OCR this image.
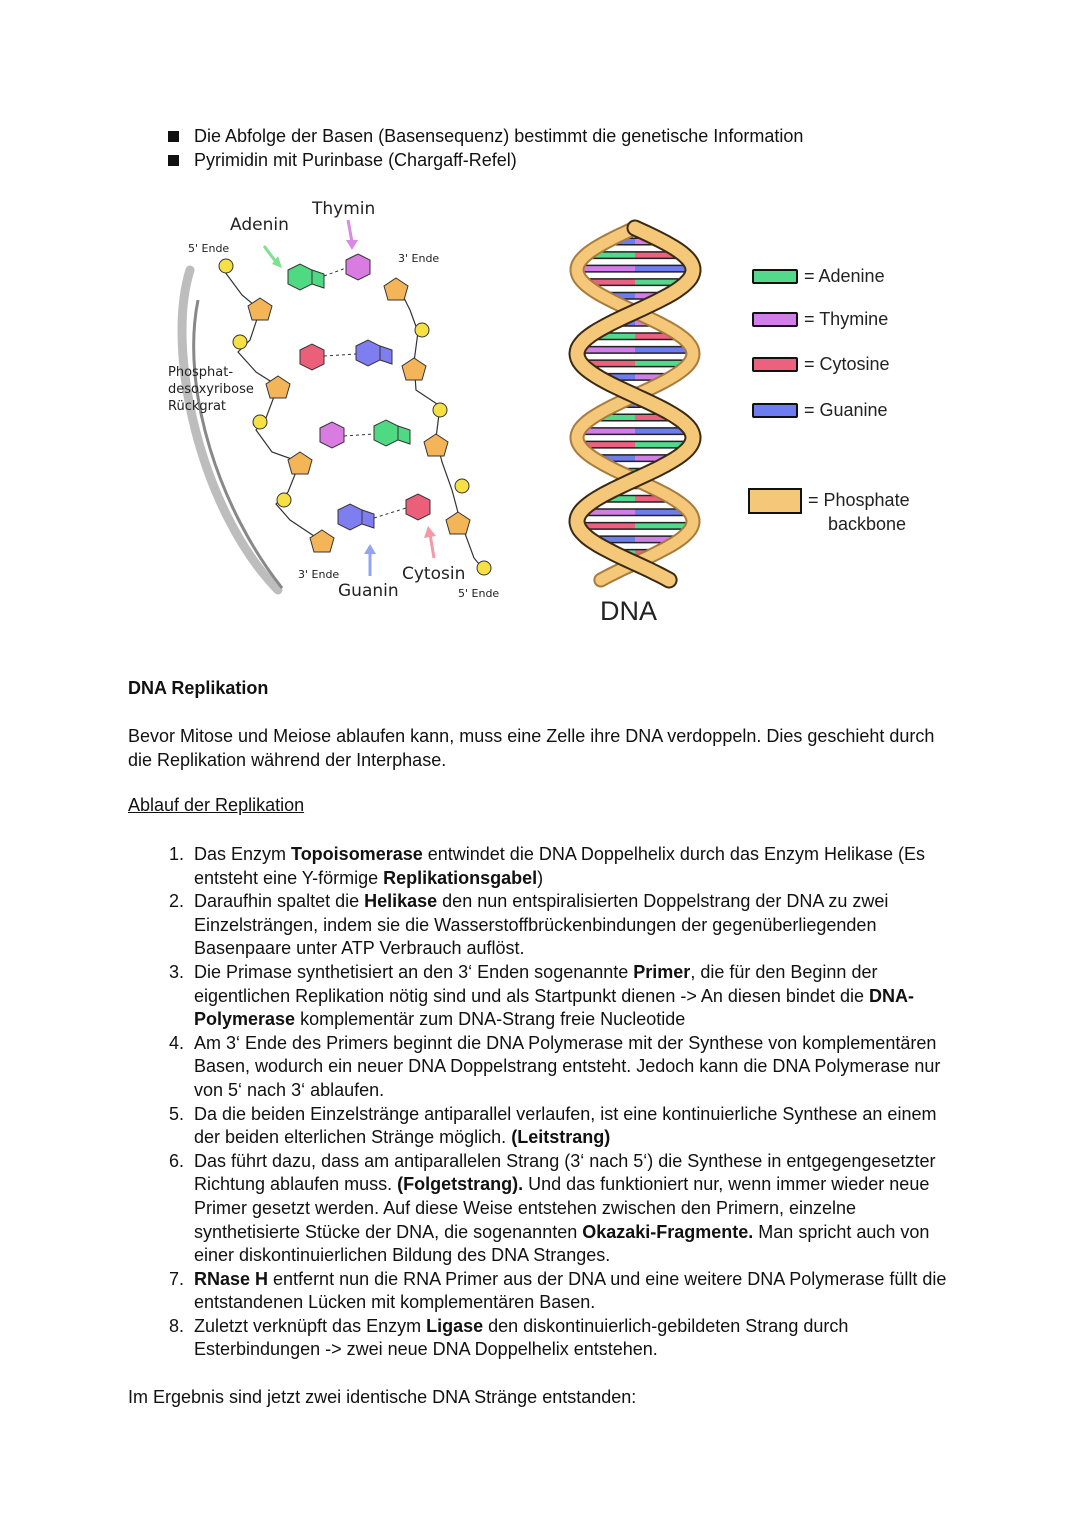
Die Abfolge der Basen (Basensequenz) bestimmt die genetische Information
Pyrimidin mit Purinbase (Chargaff-Refel)
Thymin
Adenin
5' Ende
3' Ende
Phosphat-
desoxyribose
Rückgrat
3' Ende
Guanin
Cytosin
5' Ende
DNA
= Adenine
= Thymine
= Cytosine
= Guanine
= Phosphate
backbone
DNA Replikation
Bevor Mitose und Meiose ablaufen kann, muss eine Zelle ihre DNA verdoppeln. Dies geschieht durch die Replikation während der Interphase.
Ablauf der Replikation
1. Das Enzym Topoisomerase entwindet die DNA Doppelhelix durch das Enzym Helikase (Es entsteht eine Y-förmige Replikationsgabel)
2. Daraufhin spaltet die Helikase den nun entspiralisierten Doppelstrang der DNA zu zwei Einzelsträngen, indem sie die Wasserstoffbrückenbindungen der gegenüberliegenden Basenpaare unter ATP Verbrauch auflöst.
3. Die Primase synthetisiert an den 3‘ Enden sogenannte Primer, die für den Beginn der eigentlichen Replikation nötig sind und als Startpunkt dienen -> An diesen bindet die DNA-Polymerase komplementär zum DNA-Strang freie Nucleotide
4. Am 3‘ Ende des Primers beginnt die DNA Polymerase mit der Synthese von komplementären Basen, wodurch ein neuer DNA Doppelstrang entsteht. Jedoch kann die DNA Polymerase nur von 5‘ nach 3‘ ablaufen.
5. Da die beiden Einzelstränge antiparallel verlaufen, ist eine kontinuierliche Synthese an einem der beiden elterlichen Stränge möglich. (Leitstrang)
6. Das führt dazu, dass am antiparallelen Strang (3‘ nach 5‘) die Synthese in entgegengesetzter Richtung ablaufen muss. (Folgetstrang). Und das funktioniert nur, wenn immer wieder neue Primer gesetzt werden. Auf diese Weise entstehen zwischen den Primern, einzelne synthetisierte Stücke der DNA, die sogenannten Okazaki-Fragmente. Man spricht auch von einer diskontinuierlichen Bildung des DNA Stranges.
7. RNase H entfernt nun die RNA Primer aus der DNA und eine weitere DNA Polymerase füllt die entstandenen Lücken mit komplementären Basen.
8. Zuletzt verknüpft das Enzym Ligase den diskontinuierlich-gebildeten Strang durch Esterbindungen -> zwei neue DNA Doppelhelix entstehen.
Im Ergebnis sind jetzt zwei identische DNA Stränge entstanden:
